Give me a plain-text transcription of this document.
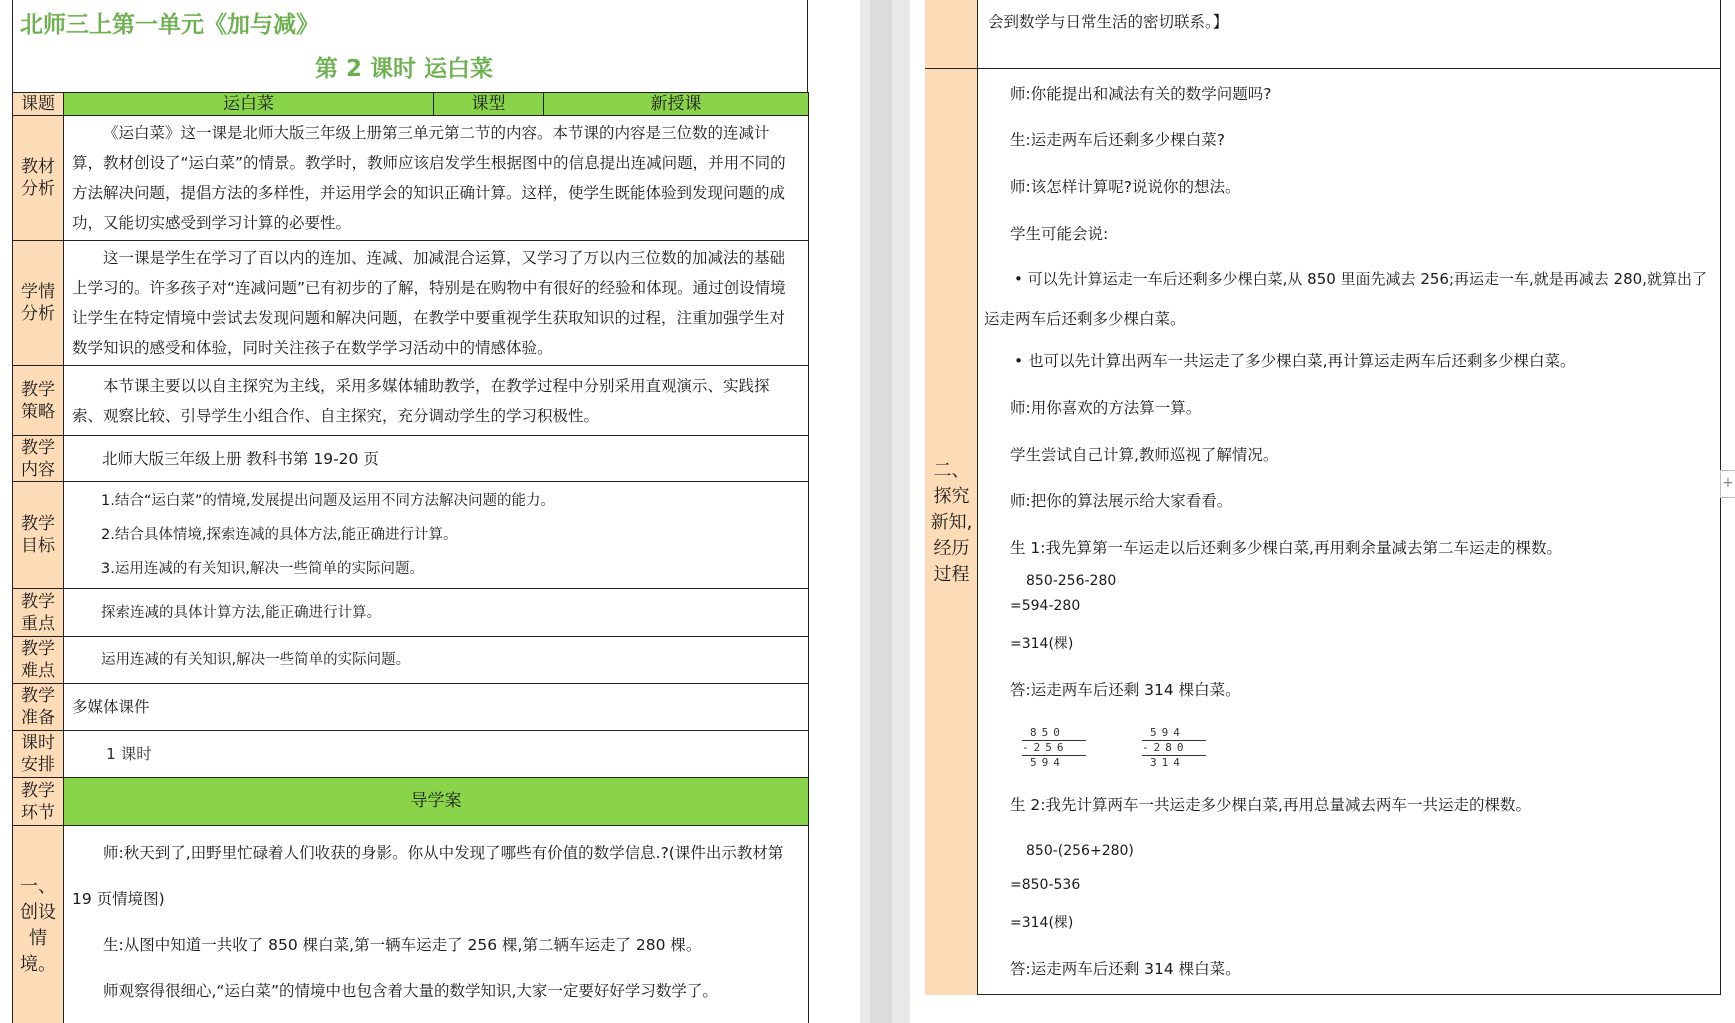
北师三上第一单元《加与减》
第 2 课时 运白菜
课题	运白菜	课型	新授课
教材分析	《运白菜》这一课是北师大版三年级上册第三单元第二节的内容。本节课的内容是三位数的连减计算，教材创设了“运白菜”的情景。教学时，教师应该启发学生根据图中的信息提出连减问题，并用不同的方法解决问题，提倡方法的多样性，并运用学会的知识正确计算。这样，使学生既能体验到发现问题的成功，又能切实感受到学习计算的必要性。		

学情分析	这一课是学生在学习了百以内的连加、连减、加减混合运算，又学习了万以内三位数的加减法的基础上学习的。许多孩子对“连减问题”已有初步的了解，特别是在购物中有很好的经验和体现。通过创设情境让学生在特定情境中尝试去发现问题和解决问题，在教学中要重视学生获取知识的过程，注重加强学生对数学知识的感受和体验，同时关注孩子在数学学习活动中的情感体验。		

教学策略	本节课主要以以自主探究为主线，采用多媒体辅助教学，在教学过程中分别采用直观演示、实践探索、观察比较、引导学生小组合作、自主探究，充分调动学生的学习积极性。		

教学内容	北师大版三年级上册 教科书第 19-20 页		

教学目标	1.结合“运白菜”的情境,发展提出问题及运用不同方法解决问题的能力。

2.结合具体情境,探索连减的具体方法,能正确进行计算。

3.运用连减的有关知识,解决一些简单的实际问题。		

教学重点	探索连减的具体计算方法,能正确进行计算。		

教学难点	运用连减的有关知识,解决一些简单的实际问题。		

教学准备	多媒体课件		

课时安排	1 课时		

教学环节	导学案		
一、创设情境。	师:秋天到了,田野里忙碌着人们收获的身影。你从中发现了哪些有价值的数学信息.?(课件出示教材第

19 页情境图)

生:从图中知道一共收了 850 棵白菜,第一辆车运走了 256 棵,第二辆车运走了 280 棵。

师观察得很细心,“运白菜”的情境中也包含着大量的数学知识,大家一定要好好学习数学了。		

会到数学与日常生活的密切联系。】
二、探究新知,经历过程
师:你能提出和减法有关的数学问题吗?
生:运走两车后还剩多少棵白菜?
师:该怎样计算呢?说说你的想法。
学生可能会说:
• 可以先计算运走一车后还剩多少棵白菜,从 850 里面先减去 256;再运走一车,就是再减去 280,就算出了
运走两车后还剩多少棵白菜。
• 也可以先计算出两车一共运走了多少棵白菜,再计算运走两车后还剩多少棵白菜。
师:用你喜欢的方法算一算。
学生尝试自己计算,教师巡视了解情况。
师:把你的算法展示给大家看看。
生 1:我先算第一车运走以后还剩多少棵白菜,再用剩余量减去第二车运走的棵数。
850-256-280
=594-280
=314(棵)
答:运走两车后还剩 314 棵白菜。
850
-256
594
594
-280
314
生 2:我先计算两车一共运走多少棵白菜,再用总量减去两车一共运走的棵数。
850-(256+280)
=850-536
=314(棵)
答:运走两车后还剩 314 棵白菜。
+
